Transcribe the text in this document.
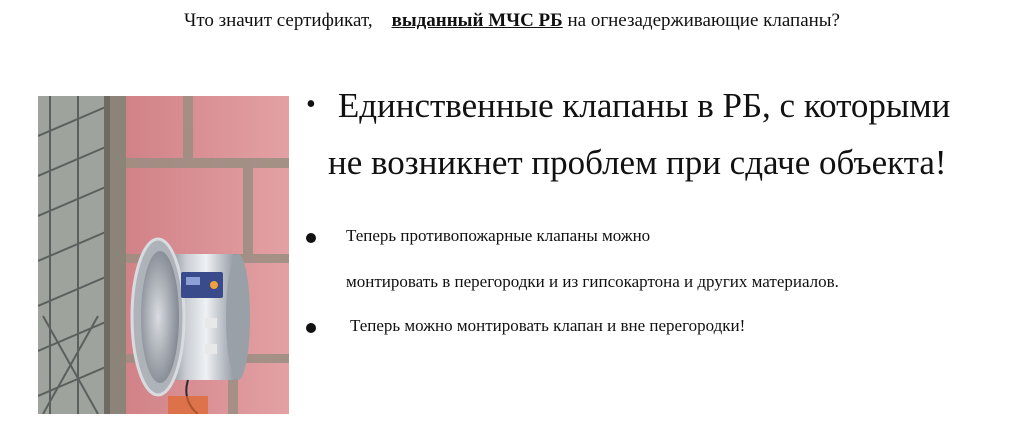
Что значит сертификат, выданный МЧС РБ на огнезадерживающие клапаны?
• Единственные клапаны в РБ, с которыми
не возникнет проблем при сдаче объекта!
Теперь противопожарные клапаны можно
монтировать в перегородки и из гипсокартона и других материалов.
Теперь можно монтировать клапан и вне перегородки!
